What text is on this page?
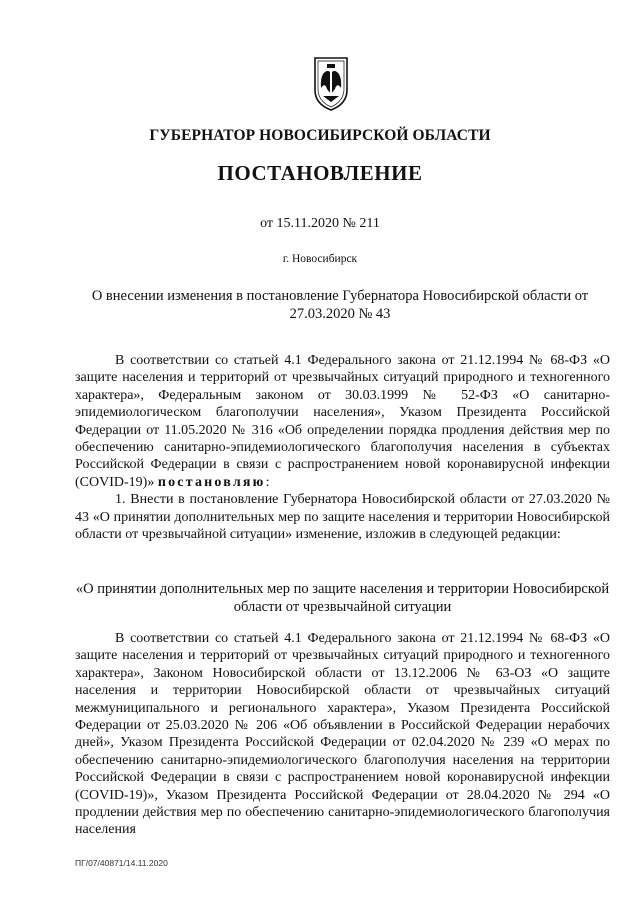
ГУБЕРНАТОР НОВОСИБИРСКОЙ ОБЛАСТИ
ПОСТАНОВЛЕНИЕ
от 15.11.2020 № 211
г. Новосибирск
О внесении изменения в постановление Губернатора Новосибирской области от 27.03.2020 № 43

В соответствии со статьей 4.1 Федерального закона от 21.12.1994 № 68-ФЗ «О защите населения и территорий от чрезвычайных ситуаций природного и техногенного характера», Федеральным законом от 30.03.1999 № 52-ФЗ «О санитарно-эпидемиологическом благополучии населения», Указом Президента Российской Федерации от 11.05.2020 № 316 «Об определении порядка продления действия мер по обеспечению санитарно-эпидемиологического благополучия населения в субъектах Российской Федерации в связи с распространением новой коронавирусной инфекции (COVID-19)» постановляю:

1. Внести в постановление Губернатора Новосибирской области от 27.03.2020 № 43 «О принятии дополнительных мер по защите населения и территории Новосибирской области от чрезвычайной ситуации» изменение, изложив в следующей редакции:

«О принятии дополнительных мер по защите населения и территории Новосибирской области от чрезвычайной ситуации

В соответствии со статьей 4.1 Федерального закона от 21.12.1994 № 68-ФЗ «О защите населения и территорий от чрезвычайных ситуаций природного и техногенного характера», Законом Новосибирской области от 13.12.2006 № 63-ОЗ «О защите населения и территории Новосибирской области от чрезвычайных ситуаций межмуниципального и регионального характера», Указом Президента Российской Федерации от 25.03.2020 № 206 «Об объявлении в Российской Федерации нерабочих дней», Указом Президента Российской Федерации от 02.04.2020 № 239 «О мерах по обеспечению санитарно-эпидемиологического благополучия населения на территории Российской Федерации в связи с распространением новой коронавирусной инфекции (COVID-19)», Указом Президента Российской Федерации от 28.04.2020 № 294 «О продлении действия мер по обеспечению санитарно-эпидемиологического благополучия населения

ПГ/07/40871/14.11.2020
